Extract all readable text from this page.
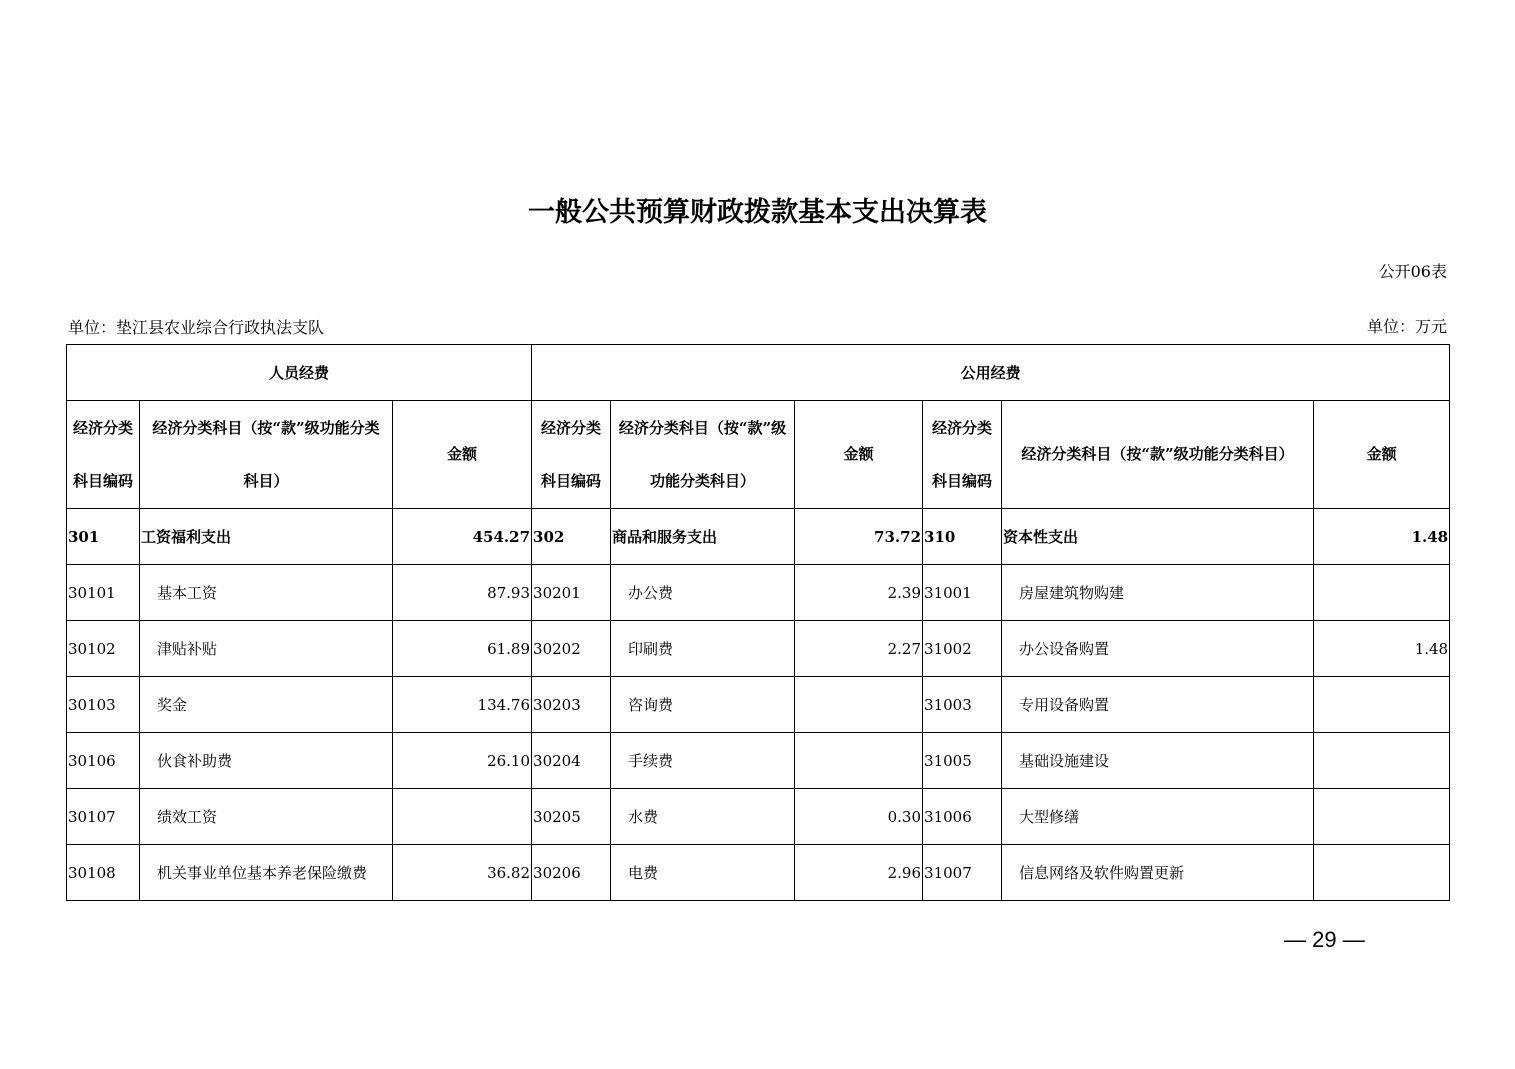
一般公共预算财政拨款基本支出决算表
公开06表
单位：垫江县农业综合行政执法支队	单位：万元
人员经费			公用经费					

经济分类
科目编码	经济分类科目（按“款”级功能分类
科目）	金额	经济分类
科目编码	经济分类科目（按“款”级
功能分类科目）	金额	经济分类
科目编码	经济分类科目（按“款”级功能分类科目）	金额
301	工资福利支出	454.27	302	商品和服务支出	73.72	310	资本性支出	1.48
30101	基本工资	87.93	30201	办公费	2.39	31001	房屋建筑物购建	
30102	津贴补贴	61.89	30202	印刷费	2.27	31002	办公设备购置	1.48
30103	奖金	134.76	30203	咨询费		31003	专用设备购置	
30106	伙食补助费	26.10	30204	手续费		31005	基础设施建设	
30107	绩效工资		30205	水费	0.30	31006	大型修缮	
30108	机关事业单位基本养老保险缴费	36.82	30206	电费	2.96	31007	信息网络及软件购置更新	
— 29 —
